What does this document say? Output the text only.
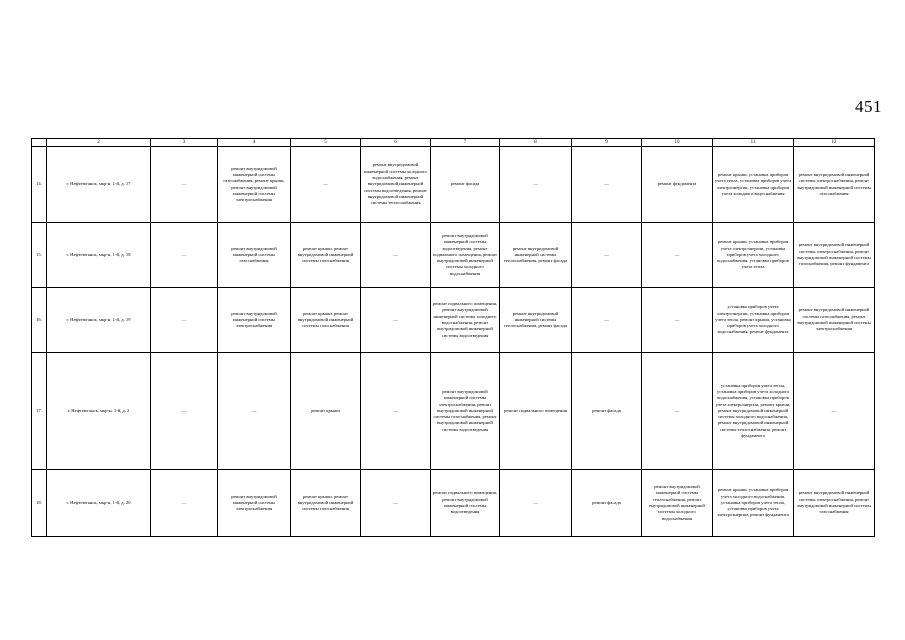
451
	2	3	4	5	6	7	8	9	10	11	12
14.	г. Нефтеюганск, мкр-н. 1-й, д. 17	—	ремонт внутридомовой инженерной системы газоснабжения, ремонт крыши, ремонт внутридомовой инженерной системы электроснабжения	—	ремонт внутридомовой инженерной системы холодного водоснабжения, ремонт внутридомовой инженерной системы водоотведения, ремонт внутридомовой инженерной системы теплоснабжения	ремонт фасада	—	—	ремонт фундамента	ремонт крыши, установка приборов учета тепла, установка приборов учета электроэнергии, установка приборов учета холодного водоснабжения	ремонт внутридомовой инженерной системы электроснабжения, ремонт внутридомовой инженерной системы газоснабжения
15.	г. Нефтеюганск, мкр-н. 1-й, д. 18	—	ремонт внутридомовой инженерной системы газоснабжения	ремонт крыши, ремонт внутридомовой инженерной системы газоснабжения	—	ремонт внутридомовой инженерной системы водоотведения, ремонт подвального помещения, ремонт внутридомовой инженерной системы холодного водоснабжения	ремонт внутридомовой инженерной системы теплоснабжения, ремонт фасада	—	—	ремонт крыши, установка приборов учета электроэнергии, установка приборов учета холодного водоснабжения, установка приборов учета тепла	ремонт внутридомовой инженерной системы электроснабжения, ремонт внутридомовой инженерной системы газоснабжения, ремонт фундамента
16.	г. Нефтеюганск, мкр-н. 1-й, д. 19	—	ремонт внутридомовой инженерной системы электроснабжения	ремонт крыши, ремонт внутридомовой инженерной системы газоснабжения	—	ремонт подвального помещения, ремонт внутридомовой инженерной системы холодного водоснабжения, ремонт внутридомовой инженерной системы водоотведения	ремонт внутридомовой инженерной системы теплоснабжения, ремонт фасада	—	—	установка приборов учета электроэнергии, установка приборов учета тепла, ремонт крыши, установка приборов учета холодного водоснабжения, ремонт фундамента	ремонт внутридомовой инженерной системы газоснабжения, ремонт внутридомовой инженерной системы электроснабжения
17.	г. Нефтеюганск, мкр-н. 1-й, д. 2	—	—	ремонт крыши	—	ремонт внутридомовой инженерной системы электроснабжения, ремонт внутридомовой инженерной системы газоснабжения, ремонт внутридомовой инженерной системы водоотведения	ремонт подвального помещения	ремонт фасада	—	установка приборов учета тепла, установка приборов учета холодного водоснабжения, установка приборов учета электроэнергии, ремонт крыши, ремонт внутридомовой инженерной системы холодного водоснабжения, ремонт внутридомовой инженерной системы теплоснабжения, ремонт фундамента	—
18.	г. Нефтеюганск, мкр-н. 1-й, д. 20	—	ремонт внутридомовой инженерной системы электроснабжения	ремонт крыши, ремонт внутридомовой инженерной системы газоснабжения	—	ремонт подвального помещения, ремонт внутридомовой инженерной системы водоотведения	—	ремонт фасада	ремонт внутридомовой инженерной системы теплоснабжения, ремонт внутридомовой инженерной системы холодного водоснабжения	ремонт крыши, установка приборов учета холодного водоснабжения, установка приборов учета тепла, установка приборов учета электроэнергии, ремонт фундамента	ремонт внутридомовой инженерной системы электроснабжения, ремонт внутридомовой инженерной системы газоснабжения
